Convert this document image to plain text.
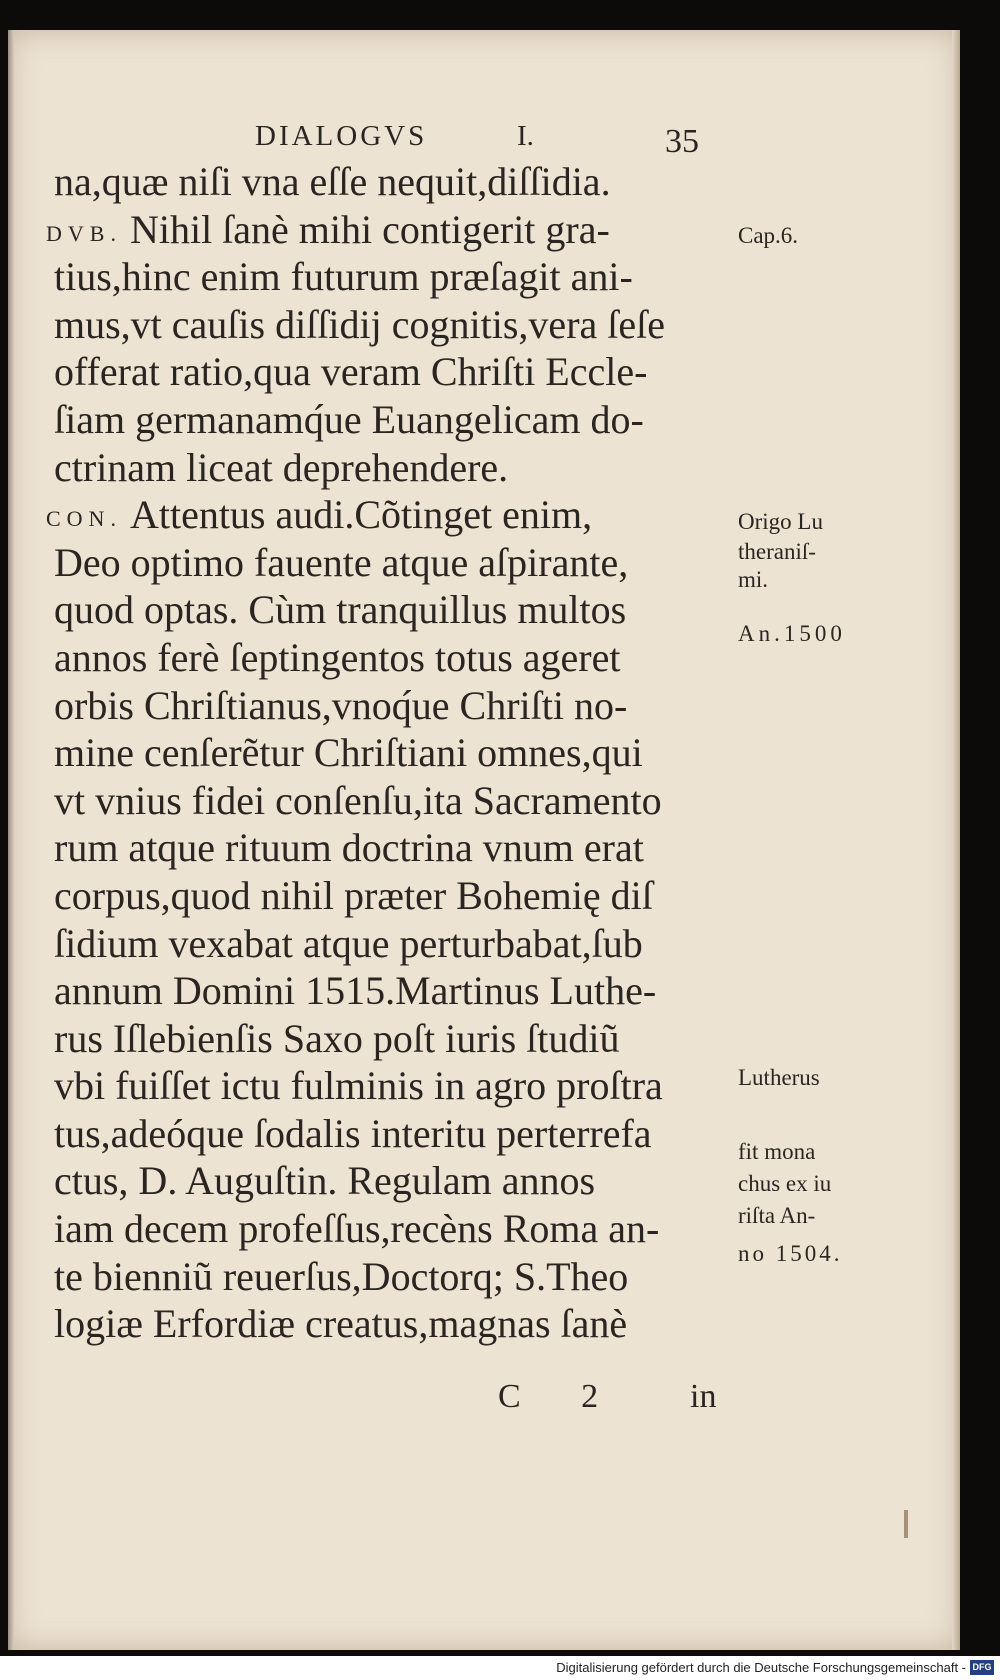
DIALOGVS	I.	35
na,quæ niſi vna eſſe nequit,diſſidia.
DVB. Nihil ſanè mihi contigerit gra-
tius,hinc enim futurum præſagit ani-
mus,vt cauſis diſſidij cognitis,vera ſeſe
offerat ratio,qua veram Chriſti Eccle-
ſiam germanamq́ue Euangelicam do-
ctrinam liceat deprehendere.
CON. Attentus audi.Cõtinget enim,
Deo optimo fauente atque aſpirante,
quod optas. Cùm tranquillus multos
annos ferè ſeptingentos totus ageret
orbis Chriſtianus,vnoq́ue Chriſti no-
mine cenſerẽtur Chriſtiani omnes,qui
vt vnius fidei conſenſu,ita Sacramento
rum atque rituum doctrina vnum erat
corpus,quod nihil præter Bohemię diſ
ſidium vexabat atque perturbabat,ſub
annum Domini 1515.Martinus Luthe-
rus Iſlebienſis Saxo poſt iuris ſtudiũ
vbi fuiſſet ictu fulminis in agro proſtra
tus,adeóque ſodalis interitu perterrefa
ctus, D. Auguſtin. Regulam annos
iam decem profeſſus,recèns Roma an-
te bienniũ reuerſus,Doctorq; S.Theo
logiæ Erfordiæ creatus,magnas ſanè
Cap.6.
Origo Lu
theraniſ-
mi.
An.1500
Lutherus
fit mona
chus ex iu
riſta An-
no 1504.
C 2 in
Digitalisierung gefördert durch die Deutsche Forschungsgemeinschaft - DFG
